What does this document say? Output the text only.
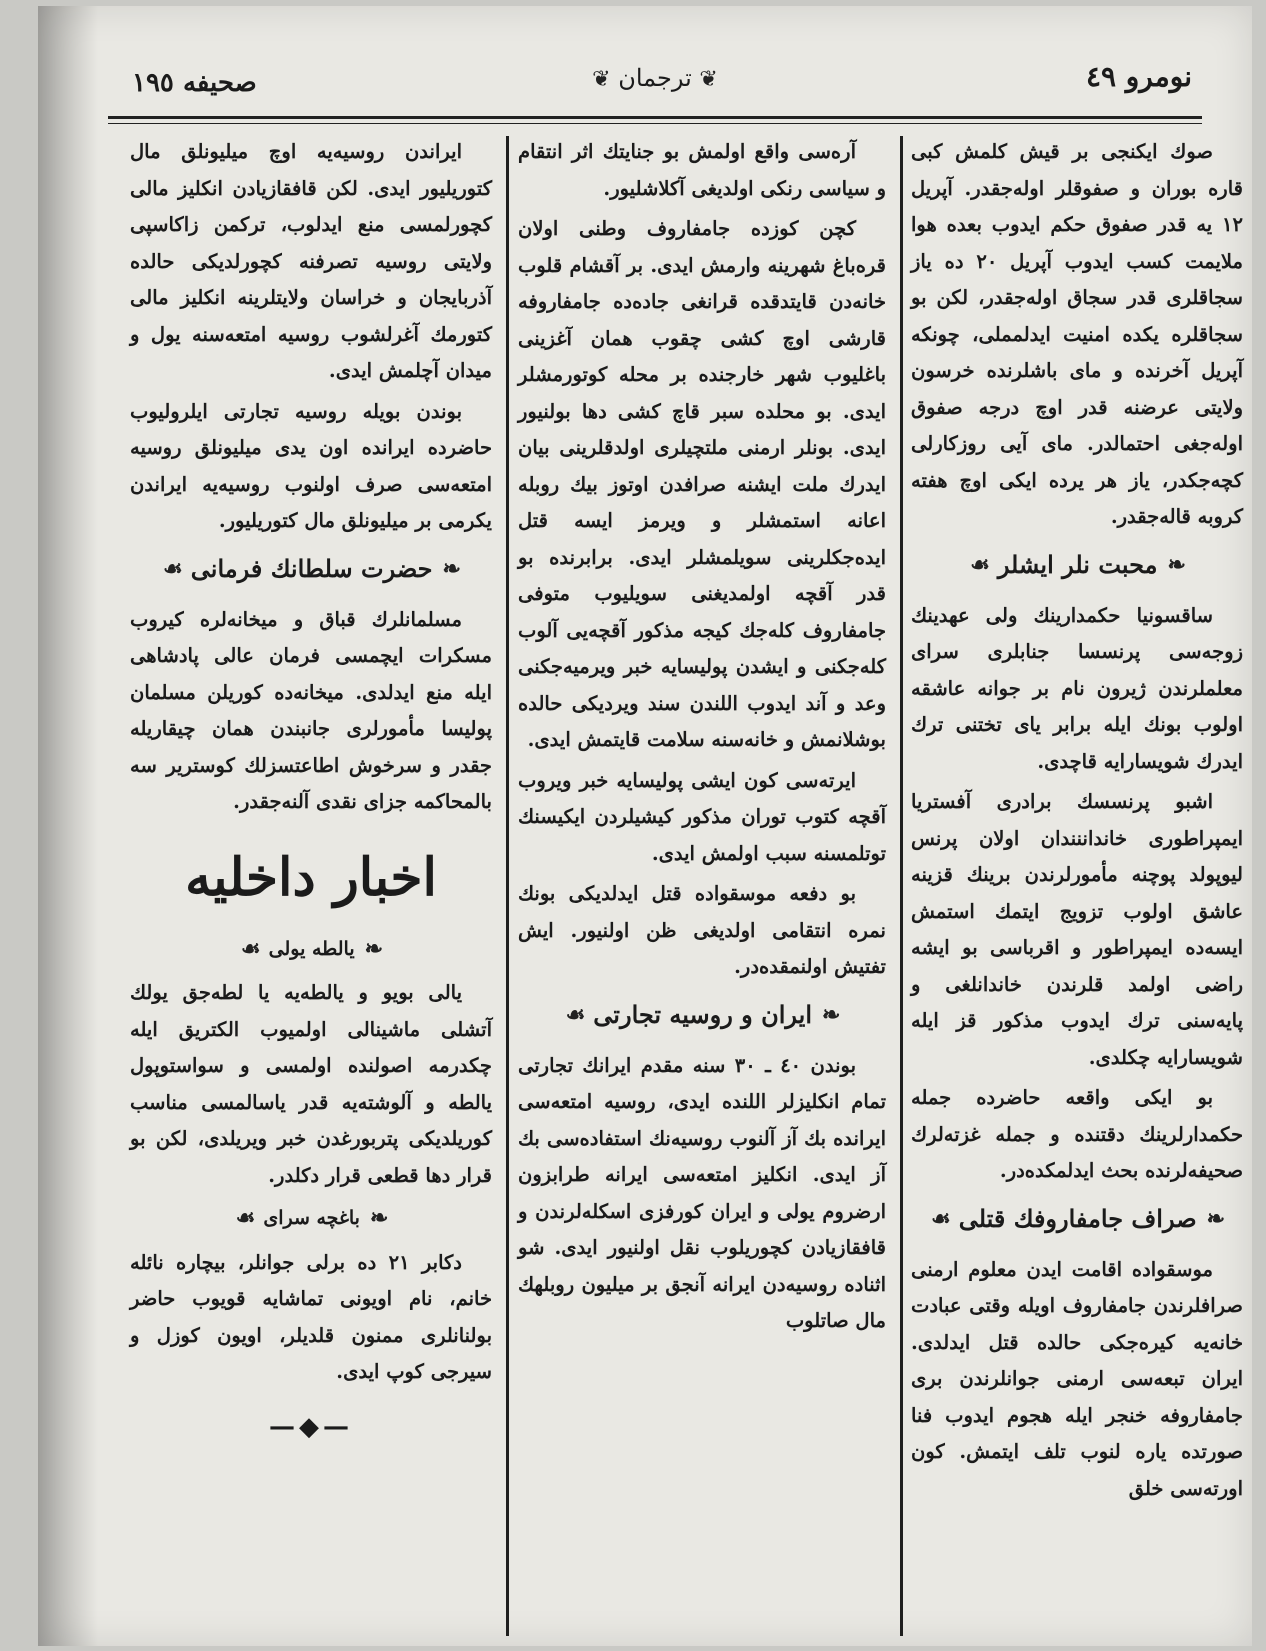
نومرو ٤٩
❦ ترجمان ❦
صحيفه ١٩٥

صوك ايكنجى بر قيش كلمش كبى قاره بوران و صفوقلر اوله‌جقدر. آپريل ١٢ يه قدر صفوق حكم ايدوب بعده هوا ملايمت كسب ايدوب آپريل ٢٠ ده ياز سجاقلرى قدر سجاق اوله‌جقدر، لكن بو سجاقلره يكده امنيت ايدلمملى، چونكه آپريل آخرنده و ماى باشلرنده خرسون ولايتى عرضنه قدر اوچ درجه صفوق اوله‌جغى احتمالدر. ماى آيى روزكارلى كچه‌جكدر، ياز هر يرده ايكى اوچ هفته كروبه قاله‌جقدر.

❧
محبت نلر ايشلر
☙

ساقسونيا حكمدارينك ولى عهدينك زوجه‌سى پرنسسا جنابلرى سراى معلملرندن ژيرون نام بر جوانه عاشقه اولوب بونك ايله برابر ياى تختنى ترك ايدرك شويسارايه قاچدى.

اشبو پرنسسك برادرى آفستريا ايمپراطورى خانداننندان اولان پرنس ليوپولد پوچنه مأمورلرندن برينك قزينه عاشق اولوب تزويج ايتمك استمش ايسه‌ده ايمپراطور و اقرباسى بو ايشه راضى اولمد قلرندن خاندانلغى و پايه‌سنى ترك ايدوب مذكور قز ايله شويسارايه چكلدى.

بو ايكى واقعه حاضرده جمله حكمدارلرينك دقتنده و جمله غزته‌لرك صحيفه‌لرنده بحث ايدلمكده‌در.

❧
صراف جامفاروفك قتلى
☙

موسقواده اقامت ايدن معلوم ارمنى صرافلرندن جامفاروف اويله وقتى عبادت خانه‌يه كيره‌جكى حالده قتل ايدلدى. ايران تبعه‌سى ارمنى جوانلرندن برى جامفاروفه خنجر ايله هجوم ايدوب فنا صورتده ياره لنوب تلف ايتمش. كون اورته‌سى خلق

آره‌سى واقع اولمش بو جنايتك اثر انتقام و سياسى رنكى اولديغى آكلاشليور.

كچن كوزده جامفاروف وطنى اولان قره‌باغ شهرينه وارمش ايدى. بر آقشام قلوب خانه‌دن قايتدقده قرانغى جاده‌ده جامفاروفه قارشى اوچ كشى چقوب همان آغزينى باغليوب شهر خارجنده بر محله كوتورمشلر ايدى. بو محلده سبر قاچ كشى دها بولنيور ايدى. بونلر ارمنى ملتچيلرى اولدقلرينى بيان ايدرك ملت ايشنه صرافدن اوتوز بيك روبله اعانه استمشلر و ويرمز ايسه قتل ايده‌جكلرينى سويلمشلر ايدى. برابرنده بو قدر آقچه اولمديغنى سويليوب متوفى جامفاروف كله‌جك كيجه مذكور آقچه‌يى آلوب كله‌جكنى و ايشدن پوليسايه خبر ويرميه‌جكنى وعد و آند ايدوب اللندن سند ويرديكى حالده بوشلانمش و خانه‌سنه سلامت قايتمش ايدى.

ايرته‌سى كون ايشى پوليسايه خبر ويروب آقچه كتوب توران مذكور كيشيلردن ايكيسنك توتلمسنه سبب اولمش ايدى.

بو دفعه موسقواده قتل ايدلديكى بونك نمره انتقامى اولديغى ظن اولنيور. ايش تفتيش اولنمقده‌در.

❧
ايران و روسيه تجارتى
☙

بوندن ٤٠ ـ ٣٠ سنه مقدم ايرانك تجارتى تمام انكليزلر اللنده ايدى، روسيه امتعه‌سى ايرانده بك آز آلنوب روسيه‌نك استفاده‌سى بك آز ايدى. انكليز امتعه‌سى ايرانه طرابزون ارضروم يولى و ايران كورفزى اسكله‌لرندن و قافقازيادن كچوريلوب نقل اولنيور ايدى. شو اثناده روسيه‌دن ايرانه آنجق بر ميليون روبلهك مال صاتلوب

ايراندن روسيه‌يه اوچ ميليونلق مال كتوريليور ايدى. لكن قافقازيادن انكليز مالى كچورلمسى منع ايدلوب، تركمن زاكاسپى ولايتى روسيه تصرفنه كچورلديكى حالده آذربايجان و خراسان ولايتلرينه انكليز مالى كتورمك آغرلشوب روسيه امتعه‌سنه يول و ميدان آچلمش ايدى.

بوندن بويله روسيه تجارتى ايلروليوب حاضرده ايرانده اون يدى ميليونلق روسيه امتعه‌سى صرف اولنوب روسيه‌يه ايراندن يكرمى بر ميليونلق مال كتوريليور.

❧
حضرت سلطانك فرمانى
☙

مسلمانلرك قباق و ميخانه‌لره كيروب مسكرات ايچمسى فرمان عالى پادشاهى ايله منع ايدلدى. ميخانه‌ده كوريلن مسلمان پوليسا مأمورلرى جانبندن همان چيقاريله جقدر و سرخوش اطاعتسزلك كوسترير سه بالمحاكمه جزاى نقدى آلنه‌جقدر.

اخبار داخليه
❧
يالطه يولى
☙

يالى بويو و يالطه‌يه يا لطه‌جق يولك آتشلى ماشينالى اولميوب الكتريق ايله چكدرمه اصولنده اولمسى و سواستوپول يالطه و آلوشته‌يه قدر ياسالمسى مناسب كوريلديكى پتربورغدن خبر ويريلدى، لكن بو قرار دها قطعى قرار دكلدر.

❧
باغچه سراى
☙

دكابر ٢١ ده برلى جوانلر، بيچاره نائله خانم، نام اويونى تماشايه قويوب حاضر بولنانلرى ممنون قلديلر، اويون كوزل و سيرجى كوپ ايدى.

—◆—
